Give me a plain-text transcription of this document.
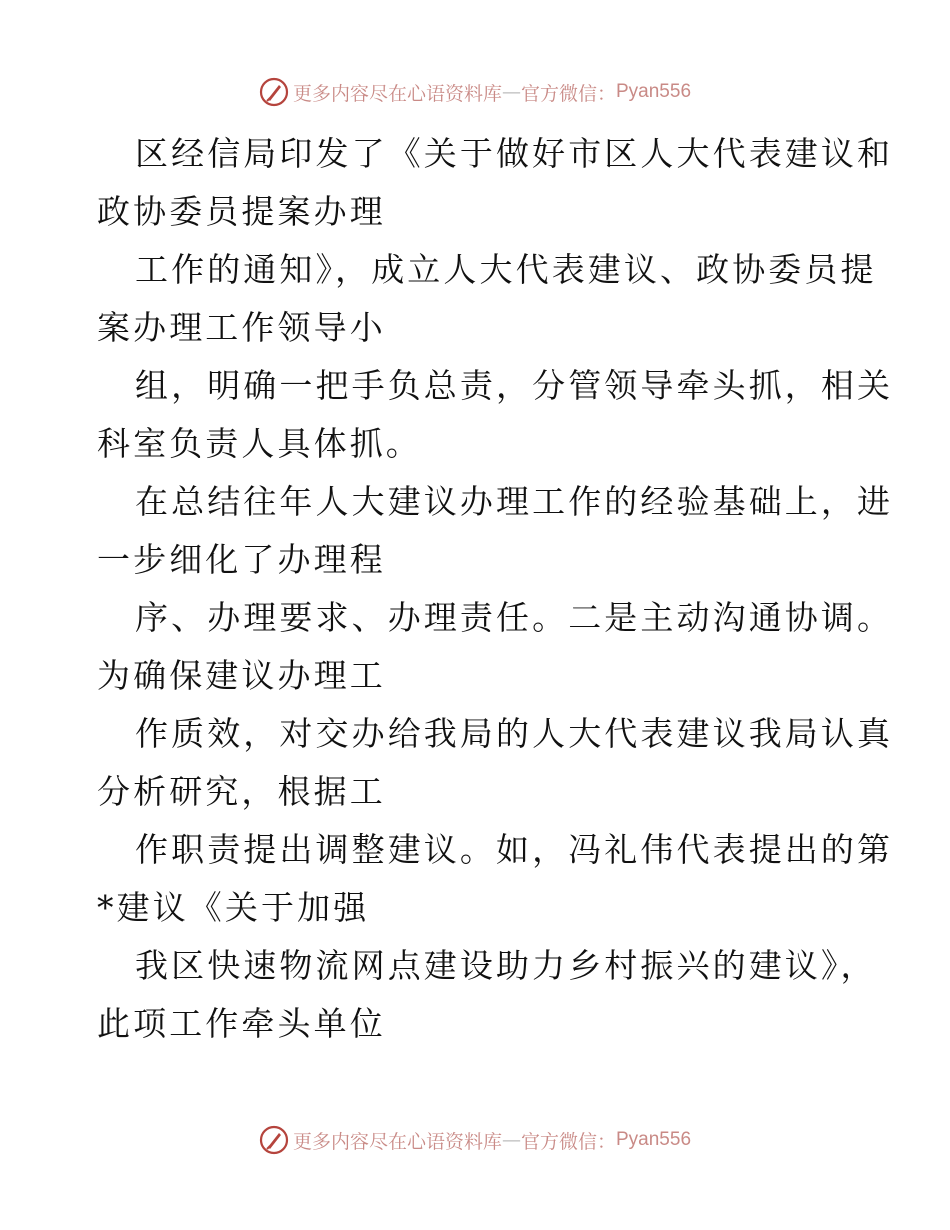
更多内容尽在心语资料库 — 官方微信： Pyan556
区经信局印发了《关于做好市区人大代表建议和
政协委员提案办理
工作的通知》，成立人大代表建议、政协委员提
案办理工作领导小
组，明确一把手负总责，分管领导牵头抓，相关
科室负责人具体抓。
在总结往年人大建议办理工作的经验基础上，进
一步细化了办理程
序、办理要求、办理责任。二是主动沟通协调。
为确保建议办理工
作质效，对交办给我局的人大代表建议我局认真
分析研究，根据工
作职责提出调整建议。如，冯礼伟代表提出的第
*建议《关于加强
我区快速物流网点建设助力乡村振兴的建议》，
此项工作牵头单位
更多内容尽在心语资料库 — 官方微信： Pyan556
